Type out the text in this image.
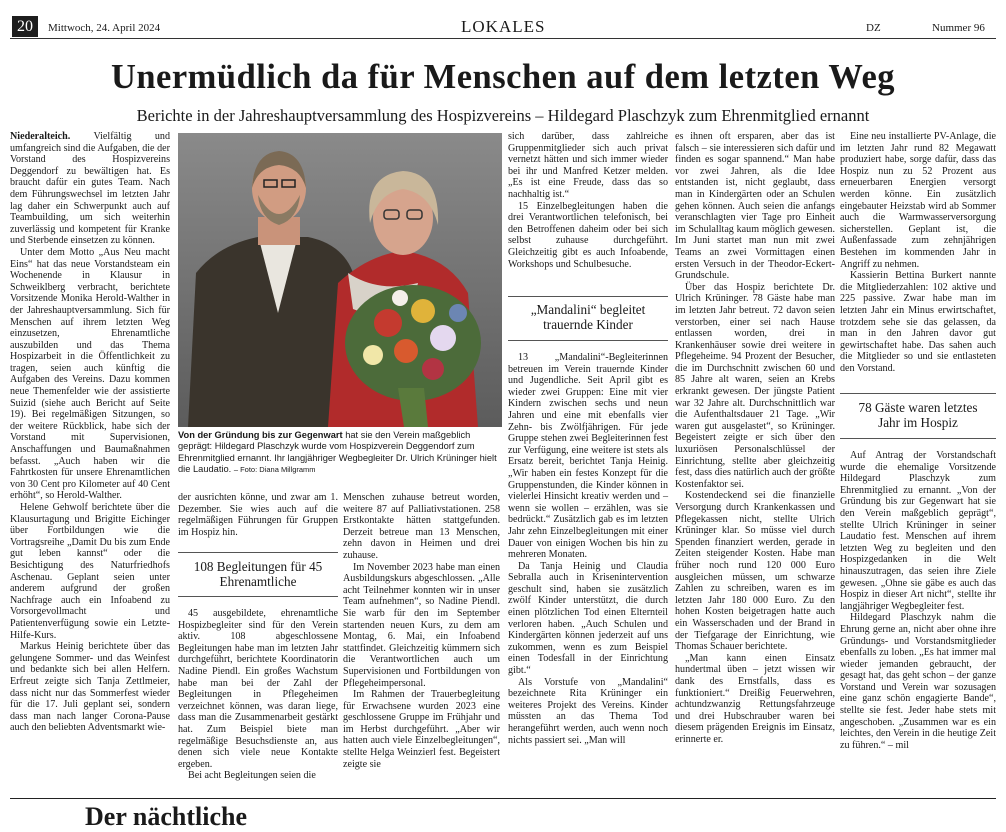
20	Mittwoch, 24. April 2024	LOKALES	DZ	Nummer 96
Unermüdlich da für Menschen auf dem letzten Weg
Berichte in der Jahreshauptversammlung des Hospizvereins – Hildegard Plaschzyk zum Ehrenmitglied ernannt

Niederalteich. Vielfältig und umfangreich sind die Aufgaben, die der Vorstand des Hospizvereins Deggendorf zu bewältigen hat. Es braucht dafür ein gutes Team. Nach dem Führungswechsel im letzten Jahr lag daher ein Schwerpunkt auch auf Teambuilding, um sich weiterhin zuverlässig und kompetent für Kranke und Sterbende einsetzen zu können.

Unter dem Motto „Aus Neu macht Eins“ hat das neue Vorstandsteam ein Wochenende in Klausur in Schweiklberg verbracht, berichtete Vorsitzende Monika Herold-Walther in der Jahreshauptversammlung. Sich für Menschen auf ihrem letzten Weg einzusetzen, Ehrenamtliche auszubilden und das Thema Hospizarbeit in die Öffentlichkeit zu tragen, seien auch künftig die Aufgaben des Vereins. Dazu kommen neue Themenfelder wie der assistierte Suizid (siehe auch Bericht auf Seite 19). Bei regelmäßigen Sitzungen, so der weitere Rückblick, habe sich der Vorstand mit Supervisionen, Anschaffungen und Baumaßnahmen befasst. „Auch haben wir die Fahrtkosten für unsere Ehrenamtlichen von 30 Cent pro Kilometer auf 40 Cent erhöht“, so Herold-Walther.

Helene Gehwolf berichtete über die Klausurtagung und Brigitte Eichinger über Fortbildungen wie die Vortragsreihe „Damit Du bis zum Ende gut leben kannst“ oder die Besichtigung des Naturfriedhofs Aschenau. Geplant seien unter anderem aufgrund der großen Nachfrage auch ein Infoabend zu Vorsorgevollmacht und Patientenverfügung sowie ein Letzte-Hilfe-Kurs.

Markus Heinig berichtete über das gelungene Sommer- und das Weinfest und bedankte sich bei allen Helfern. Erfreut zeigte sich Tanja Zettlmeier, dass nicht nur das Sommerfest wieder für die 17. Juli geplant sei, sondern dass man nach langer Corona-Pause auch den beliebten Adventsmarkt wie-

Von der Gründung bis zur Gegenwart hat sie den Verein maßgeblich geprägt: Hildegard Plaschzyk wurde vom Hospizverein Deggendorf zum Ehrenmitglied ernannt. Ihr langjähriger Wegbegleiter Dr. Ulrich Krüninger hielt die Laudatio. – Foto: Diana Millgramm

der ausrichten könne, und zwar am 1. Dezember. Sie wies auch auf die regelmäßigen Führungen für Gruppen im Hospiz hin.

108 Begleitungen für 45 Ehrenamtliche

45 ausgebildete, ehrenamtliche Hospizbegleiter sind für den Verein aktiv. 108 abgeschlossene Begleitungen habe man im letzten Jahr durchgeführt, berichtete Koordinatorin Nadine Piendl. Ein großes Wachstum habe man bei der Zahl der Begleitungen in Pflegeheimen verzeichnet können, was daran liege, dass man die Zusammenarbeit gestärkt hat. Zum Beispiel biete man regelmäßige Besuchsdienste an, aus denen sich viele neue Kontakte ergeben.

Bei acht Begleitungen seien die

Menschen zuhause betreut worden, weitere 87 auf Palliativstationen. 258 Erstkontakte hätten stattgefunden. Derzeit betreue man 13 Menschen, zehn davon in Heimen und drei zuhause.

Im November 2023 habe man einen Ausbildungskurs abgeschlossen. „Alle acht Teilnehmer konnten wir in unser Team aufnehmen“, so Nadine Piendl. Sie warb für den im September startenden neuen Kurs, zu dem am Montag, 6. Mai, ein Infoabend stattfindet. Gleichzeitig kümmern sich die Verantwortlichen auch um Supervisionen und Fortbildungen von Pflegeheimpersonal.

Im Rahmen der Trauerbegleitung für Erwachsene wurden 2023 eine geschlossene Gruppe im Frühjahr und im Herbst durchgeführt. „Aber wir hatten auch viele Einzelbegleitungen“, stellte Helga Weinzierl fest. Begeistert zeigte sie

sich darüber, dass zahlreiche Gruppenmitglieder sich auch privat vernetzt hätten und sich immer wieder bei ihr und Manfred Ketzer melden. „Es ist eine Freude, dass das so nachhaltig ist.“

15 Einzelbegleitungen haben die drei Verantwortlichen telefonisch, bei den Betroffenen daheim oder bei sich selbst zuhause durchgeführt. Gleichzeitig gibt es auch Infoabende, Workshops und Schulbesuche.

„Mandalini“ begleitet trauernde Kinder

13 „Mandalini“-Begleiterinnen betreuen im Verein trauernde Kinder und Jugendliche. Seit April gibt es wieder zwei Gruppen: Eine mit vier Kindern zwischen sechs und neun Jahren und eine mit ebenfalls vier Zehn- bis Zwölfjährigen. Für jede Gruppe stehen zwei Begleiterinnen fest zur Verfügung, eine weitere ist stets als Ersatz bereit, berichtet Tanja Heinig. „Wir haben ein festes Konzept für die Gruppenstunden, die Kinder können in vielerlei Hinsicht kreativ werden und – wenn sie wollen – erzählen, was sie bedrückt.“ Zusätzlich gab es im letzten Jahr zehn Einzelbegleitungen mit einer Dauer von einigen Wochen bis hin zu mehreren Monaten.

Da Tanja Heinig und Claudia Sebralla auch in Krisenintervention geschult sind, haben sie zusätzlich zwölf Kinder unterstützt, die durch einen plötzlichen Tod einen Elternteil verloren haben. „Auch Schulen und Kindergärten können jederzeit auf uns zukommen, wenn es zum Beispiel einen Todesfall in der Einrichtung gibt.“

Als Vorstufe von „Mandalini“ bezeichnete Rita Krüninger ein weiteres Projekt des Vereins. Kinder müssten an das Thema Tod herangeführt werden, auch wenn noch nichts passiert sei. „Man will

es ihnen oft ersparen, aber das ist falsch – sie interessieren sich dafür und finden es sogar spannend.“ Man habe vor zwei Jahren, als die Idee entstanden ist, nicht geglaubt, dass man in Kindergärten oder an Schulen gehen können. Auch seien die anfangs veranschlagten vier Tage pro Einheit im Schulalltag kaum möglich gewesen. Im Juni startet man nun mit zwei Teams an zwei Vormittagen einen ersten Versuch in der Theodor-Eckert-Grundschule.

Über das Hospiz berichtete Dr. Ulrich Krüninger. 78 Gäste habe man im letzten Jahr betreut. 72 davon seien verstorben, einer sei nach Hause entlassen worden, drei in Krankenhäuser sowie drei weitere in Pflegeheime. 94 Prozent der Besucher, die im Durchschnitt zwischen 60 und 85 Jahre alt waren, seien an Krebs erkrankt gewesen. Der jüngste Patient war 32 Jahre alt. Durchschnittlich war die Aufenthaltsdauer 21 Tage. „Wir waren gut ausgelastet“, so Krüninger. Begeistert zeigte er sich über den luxuriösen Personalschlüssel der Einrichtung, stellte aber gleichzeitig fest, dass dies natürlich auch der größte Kostenfaktor sei.

Kostendeckend sei die finanzielle Versorgung durch Krankenkassen und Pflegekassen nicht, stellte Ulrich Krüninger klar. So müsse viel durch Spenden finanziert werden, gerade in Zeiten steigender Kosten. Habe man früher noch rund 120 000 Euro ausgleichen müssen, um schwarze Zahlen zu schreiben, waren es im letzten Jahr 180 000 Euro. Zu den hohen Kosten beigetragen hatte auch ein Wasserschaden und der Brand in der Tiefgarage der Einrichtung, wie Thomas Schauer berichtete.

„Man kann einen Einsatz hundertmal üben – jetzt wissen wir dank des Ernstfalls, dass es funktioniert.“ Dreißig Feuerwehren, achtundzwanzig Rettungsfahrzeuge und drei Hubschrauber waren bei diesem prägenden Ereignis im Einsatz, erinnerte er.

Eine neu installierte PV-Anlage, die im letzten Jahr rund 82 Megawatt produziert habe, sorge dafür, dass das Hospiz nun zu 52 Prozent aus erneuerbaren Energien versorgt werden könne. Ein zusätzlich eingebauter Heizstab wird ab Sommer auch die Warmwasserversorgung sicherstellen. Geplant ist, die Außenfassade zum zehnjährigen Bestehen im kommenden Jahr in Angriff zu nehmen.

Kassierin Bettina Burkert nannte die Mitgliederzahlen: 102 aktive und 225 passive. Zwar habe man im letzten Jahr ein Minus erwirtschaftet, trotzdem sehe sie das gelassen, da man in den Jahren davor gut gewirtschaftet habe. Das sahen auch die Mitglieder so und sie entlasteten den Vorstand.

78 Gäste waren letztes Jahr im Hospiz

Auf Antrag der Vorstandschaft wurde die ehemalige Vorsitzende Hildegard Plaschzyk zum Ehrenmitglied zu ernannt. „Von der Gründung bis zur Gegenwart hat sie den Verein maßgeblich geprägt“, stellte Ulrich Krüninger in seiner Laudatio fest. Menschen auf ihrem letzten Weg zu begleiten und den Hospizgedanken in die Welt hinauszutragen, das seien ihre Ziele gewesen. „Ohne sie gäbe es auch das Hospiz in dieser Art nicht“, stellte ihr langjähriger Wegbegleiter fest.

Hildegard Plaschzyk nahm die Ehrung gerne an, nicht aber ohne ihre Gründungs- und Vorstandsmitglieder ebenfalls zu loben. „Es hat immer mal wieder jemanden gebraucht, der gesagt hat, das geht schon – der ganze Vorstand und Verein war sozusagen eine ganz schön engagierte Bande“, stellte sie fest. Jeder habe stets mit angeschoben. „Zusammen war es ein leichtes, den Verein in die heutige Zeit zu führen.“ – mil

Der nächtliche
